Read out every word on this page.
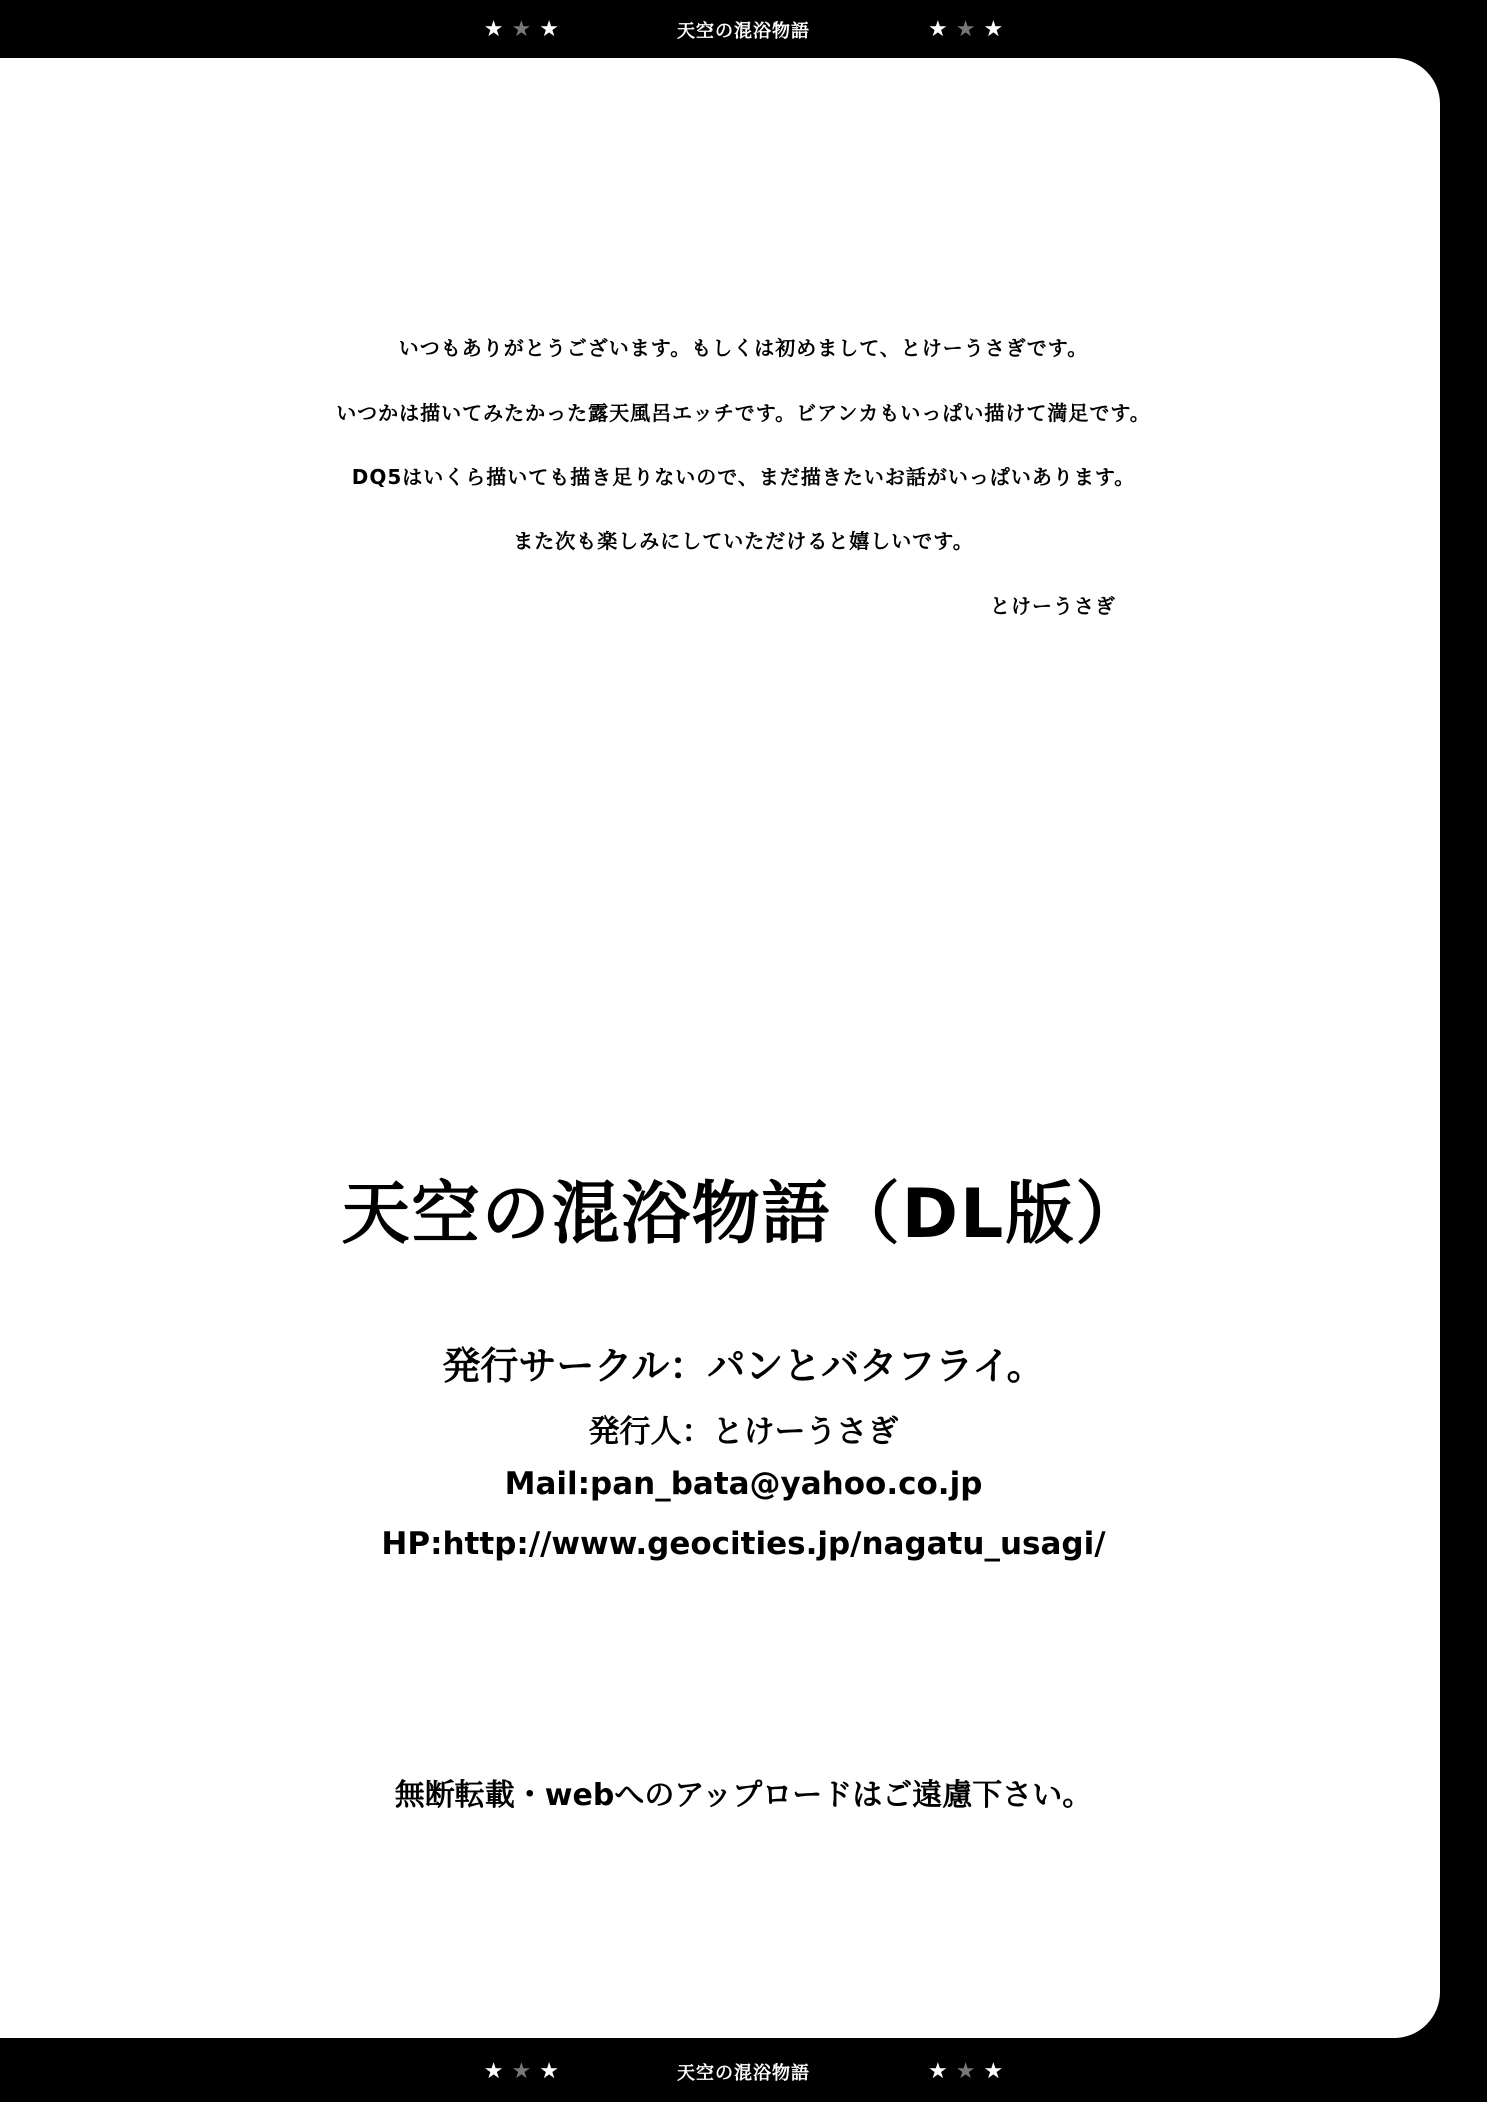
★ ★ ★	天空の混浴物語	★ ★ ★
いつもありがとうございます。もしくは初めまして、とけーうさぎです。
いつかは描いてみたかった露天風呂エッチです。ビアンカもいっぱい描けて満足です。
DQ5はいくら描いても描き足りないので、まだ描きたいお話がいっぱいあります。
また次も楽しみにしていただけると嬉しいです。
とけーうさぎ
天空の混浴物語（DL版）
発行サークル：パンとバタフライ。
発行人：とけーうさぎ
Mail:pan_bata@yahoo.co.jp
HP:http://www.geocities.jp/nagatu_usagi/
無断転載・webへのアップロードはご遠慮下さい。
★ ★ ★	天空の混浴物語	★ ★ ★
